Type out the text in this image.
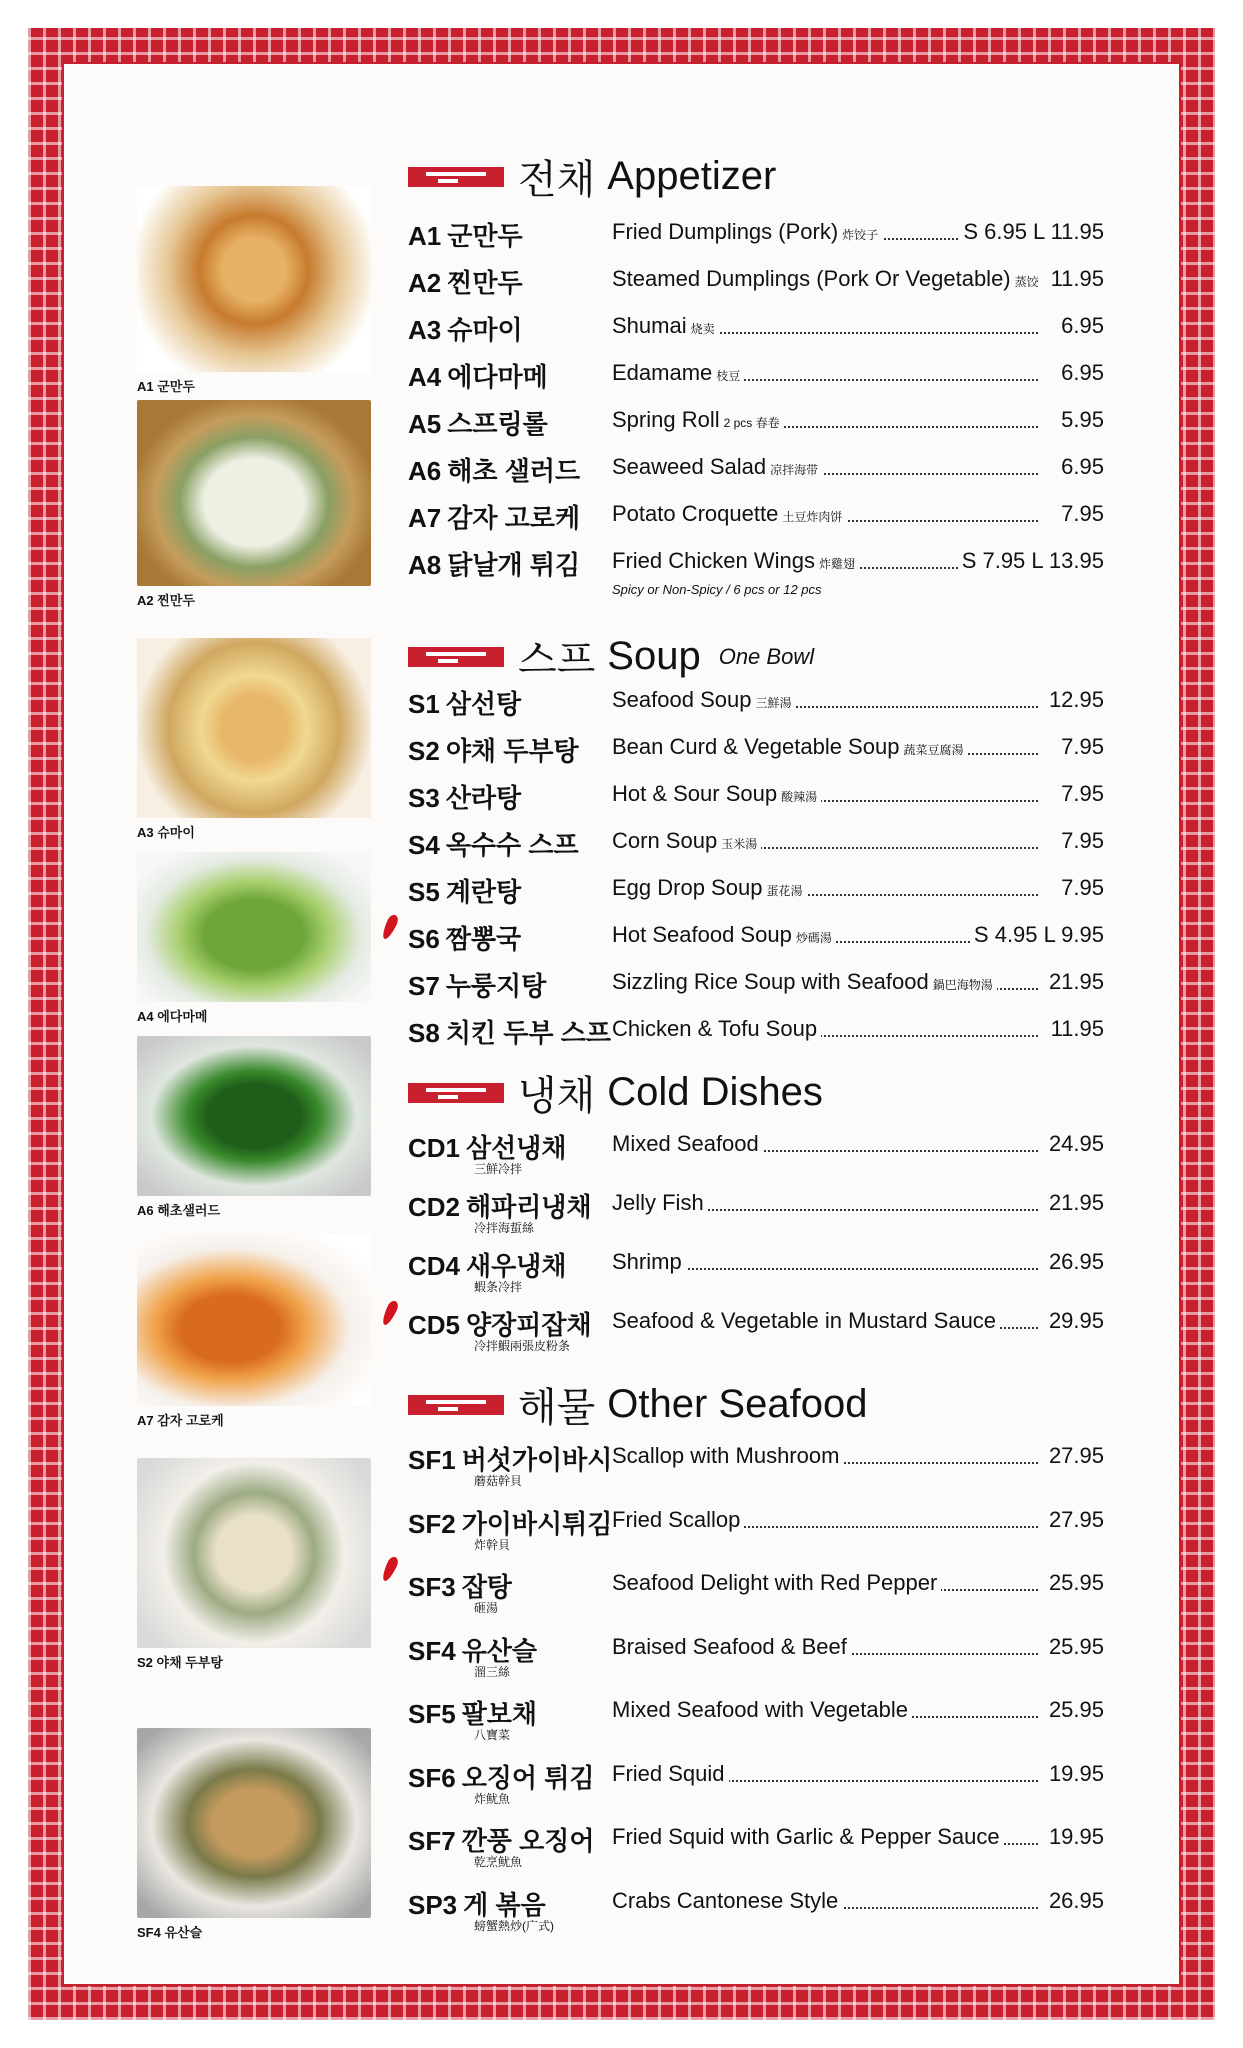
A1 군만두
A2 찐만두
A3 슈마이
A4 에다마메
A6 해초샐러드
A7 감자 고로케
S2 야채 두부탕
SF4 유산슬
전채 Appetizer
A1 군만두	Fried Dumplings (Pork) 炸饺子	S 6.95 L 11.95
A2 찐만두	Steamed Dumplings (Pork Or Vegetable) 蒸饺 11.95
A3 슈마이	Shumai 烧卖	6.95
A4 에다마메	Edamame 枝豆	6.95
A5 스프링롤	Spring Roll 2 pcs 春卷	5.95
A6 해초 샐러드 Seaweed Salad 凉拌海带	6.95
A7 감자 고로케 Potato Croquette 土豆炸肉饼	7.95
A8 닭날개 튀김 Fried Chicken Wings 炸雞翅	S 7.95 L 13.95
Spicy or Non-Spicy / 6 pcs or 12 pcs
스프 Soup One Bowl
S1 삼선탕	Seafood Soup 三鮮湯	12.95
S2 야채 두부탕 Bean Curd & Vegetable Soup 蔬菜豆腐湯	7.95
S3 산라탕	Hot & Sour Soup 酸辣湯	7.95
S4 옥수수 스프 Corn Soup 玉米湯	7.95
S5 계란탕	Egg Drop Soup 蛋花湯	7.95
S6 짬뽕국	Hot Seafood Soup 炒碼湯	S 4.95 L 9.95
S7 누룽지탕	Sizzling Rice Soup with Seafood 鍋巴海物湯	21.95
S8 치킨 두부 스프 Chicken & Tofu Soup	11.95
냉채 Cold Dishes
CD1 삼선냉채 Mixed Seafood	24.95
三鮮冷拌
CD2 해파리냉채 Jelly Fish	21.95
冷拌海蜇絲
CD4 새우냉채 Shrimp	26.95
蝦条冷拌
CD5 양장피잡채 Seafood & Vegetable in Mustard Sauce 29.95
冷拌鰕兩張皮粉条
해물 Other Seafood
SF1 버섯가이바시 Scallop with Mushroom	27.95
蘑菇幹貝
SF2 가이바시튀김 Fried Scallop	27.95
炸幹貝
SF3 잡탕	Seafood Delight with Red Pepper	25.95
砸湯
SF4 유산슬	Braised Seafood & Beef	25.95
溜三絲
SF5 팔보채	Mixed Seafood with Vegetable	25.95
八寶菜
SF6 오징어 튀김 Fried Squid	19.95
炸鱿魚
SF7 깐풍 오징어 Fried Squid with Garlic & Pepper Sauce 19.95
乾烹鱿魚
SP3 게 볶음	Crabs Cantonese Style	26.95
螃蟹熱炒(广式)
